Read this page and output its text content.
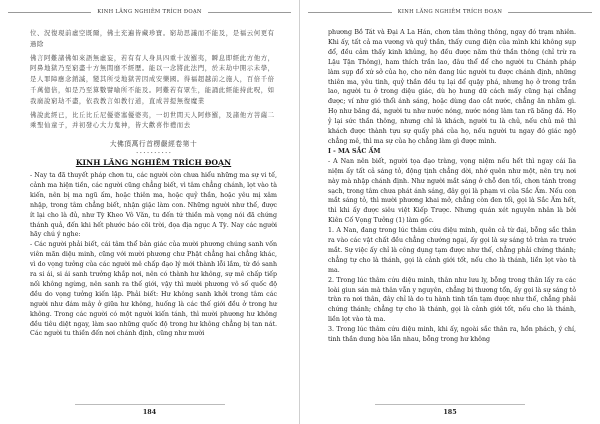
KINH LĂNG NGHIÊM TRÍCH ĐOẠN

位、況復現前虛空既爾，佛土充遍皆藏珍寶。窮劫思議而不能及，是福云何更有過除

佛言阿難諸佛如來語無虛妄，若有有人身具四重十波羅夷，瞬息即經此方他方，阿鼻地獄乃至窮盡十方無間靡不經歷。能以一念將此法門，於末劫中開示未學，是人罪障應念銷滅，變其所受地獄苦因成安樂國。得福超越前之施人，百倍千倍千萬億倍，如是乃至算數譬喻所不能及。阿難若有眾生，能誦此經能持此呪，如我廣說窮劫不盡，依我教言如教行道，直成菩提無復魔業

佛說此經已，比丘比丘尼優婆塞優婆夷，一切世間天人阿修羅，及諸他方菩薩二乘聖仙童子，并初發心大力鬼神，皆大歡喜作禮而去

大佛頂萬行首楞嚴經卷第十
• • • • • • • • • •
KINH LĂNG NGHIÊM TRÍCH ĐOẠN

- Nay ta đã thuyết pháp chơn tu, các người còn chưa hiểu những ma sự vi tế, cảnh ma hiện tiền, các người cũng chẳng biết, vì tâm chẳng chánh, lọt vào tà kiến, nên bị ma ngũ ấm, hoặc thiên ma, hoặc quỷ thần, hoặc yêu mị xâm nhập, trong tâm chẳng biết, nhận giặc làm con. Những người như thế, được ít lại cho là đủ, như Tỳ Kheo Vô Văn, tu đến tứ thiền mà vọng nói đã chứng thánh quả, đến khi hết phước báo cõi trời, đọa địa ngục A Tỳ. Nay các người hãy chú ý nghe:

- Các người phải biết, cái tâm thể bản giác của mười phương chúng sanh vốn viên mãn diệu minh, cũng với mười phương chư Phật chẳng hai chẳng khác, vì do vọng tưởng của các người mê chấp đạo lý mới thành lỗi lầm, từ đó sanh ra si ái, si ái sanh trưởng khắp nơi, nên có thành hư không, sự mê chấp tiếp nối không ngừng, nên sanh ra thế giới, vậy thì mười phương vô số quốc độ đều do vọng tưởng kiến lập. Phải biết: Hư không sanh khởi trong tâm các người như đám mây ở giữa hư không, huống là các thế giới đều ở trong hư không. Trong các người có một người kiến tánh, thì mười phương hư không đều tiêu diệt ngay, làm sao những quốc độ trong hư không chẳng bị tan nát. Các người tu thiền đến nơi chánh định, cũng như mười

184
KINH LĂNG NGHIÊM TRÍCH ĐOẠN

phương Bồ Tát và Đại A La Hán, chơn tâm thông thông, ngay đó trạm nhiên. Khi ấy, tất cả ma vương và quỷ thần, thấy cung điện của mình khi không sụp đổ, đều cảm thấy kinh khủng, họ đều được năm thứ thần thông (chỉ trừ ra Lậu Tận Thông), ham thích trần lao, đâu thể để cho người tu Chánh pháp làm sụp đổ xứ sở của họ, cho nên đang lúc người tu được chánh định, những thiên ma, yêu tinh, quỷ thần đều tụ lại để quậy phá, nhưng họ ở trong trần lao, người tu ở trong diệu giác, dù họ hung dữ cách mấy cũng hại chẳng được; ví như gió thổi ánh sáng, hoặc dùng dao cắt nước, chẳng ăn nhằm gì. Họ như băng đá, người tu như nước nóng, nước nóng làm tan rã băng đá. Họ ỷ lại sức thần thông, nhưng chỉ là khách, người tu là chủ, nếu chủ mê thì khách được thành tựu sự quấy phá của họ, nếu người tu ngay đó giác ngộ chẳng mê, thì ma sự của họ chẳng làm gì được mình.

I - MA SẮC ẤM

- A Nan nên biết, người tọa đạo tràng, vọng niệm nếu hết thì ngay cái lìa niệm ấy tất cả sáng tỏ, động tịnh chẳng dời, nhớ quên như một, nên trụ nơi này mà nhập chánh định. Như người mắt sáng ở chỗ đen tối, chơn tánh trong sạch, trong tâm chưa phát ánh sáng, đây gọi là phạm vi của Sắc Ấm. Nếu con mắt sáng tỏ, thì mười phương khai mở, chẳng còn đen tối, gọi là Sắc Ấm hết, thì khi ấy được siêu việt Kiếp Trược. Nhưng quán xét nguyên nhân là bởi Kiên Cố Vọng Tưởng (1) làm gốc.

1. A Nan, đang trong lúc thâm cứu diệu minh, quên cả từ đại, bỗng sắc thân ra vào các vật chất đều chẳng chướng ngại, ấy gọi là sự sáng tỏ tràn ra trước mắt. Sự việc ấy chỉ là công dụng tạm được như thế, chẳng phải chứng thánh; chẳng tự cho là thánh, gọi là cảnh giới tốt, nếu cho là thánh, liền lọt vào tà ma.

2. Trong lúc thâm cứu diệu minh, thân như lưu ly, bỗng trong thân lấy ra các loài giun sán mà thân vẫn y nguyên, chẳng bị thương tổn, ấy gọi là sự sáng tỏ tràn ra nơi thân, đây chỉ là do tu hành tinh tấn tạm được như thế, chẳng phải chứng thánh; chẳng tự cho là thánh, gọi là cảnh giới tốt, nếu cho là thánh, liền lọt vào tà ma.

3. Trong lúc thâm cứu diệu minh, khi ấy, ngoài sắc thân ra, hồn phách, ý chí, tinh thần dung hòa lẫn nhau, bỗng trong hư không

185
